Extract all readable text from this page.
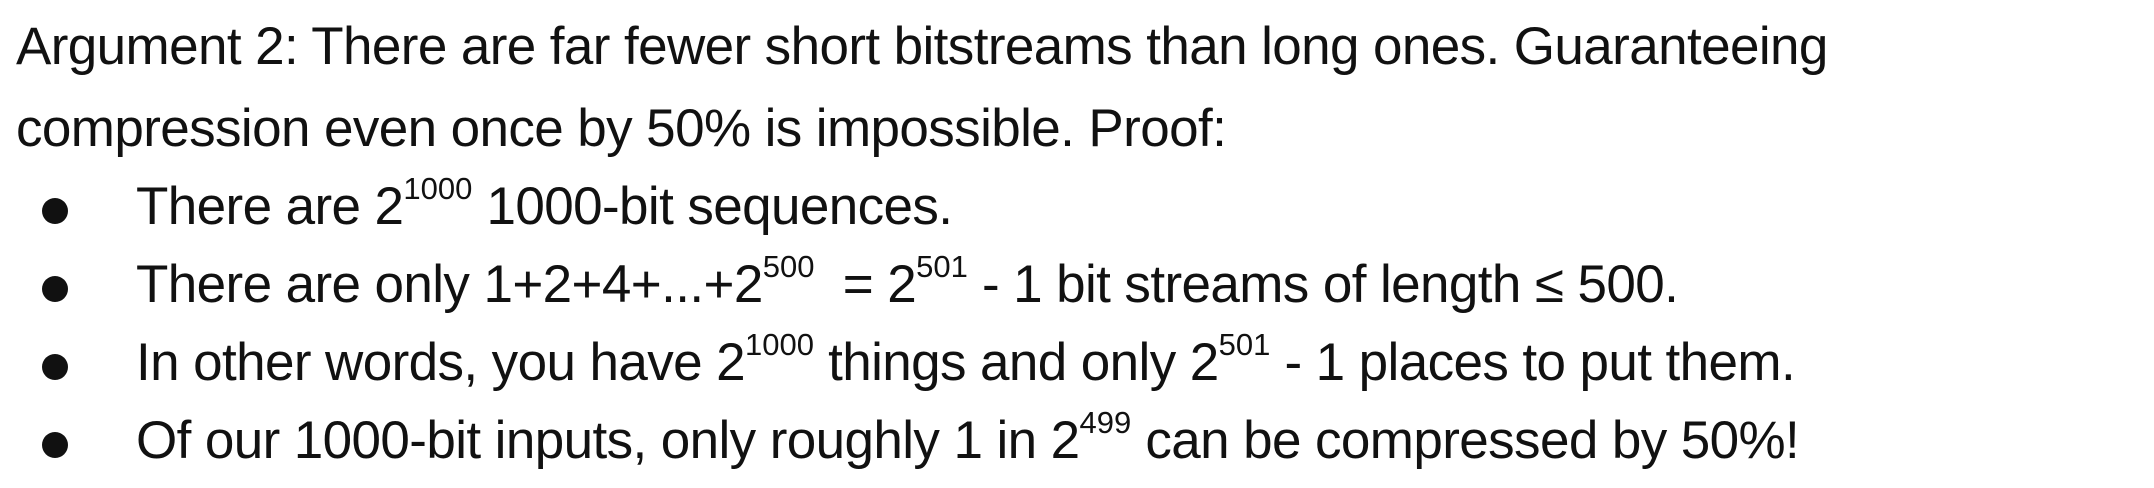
Argument 2: There are far fewer short bitstreams than long ones. Guaranteeing
compression even once by 50% is impossible. Proof:

There are $2^{1000}$ 1000-bit sequences.
There are only $1+2+4+...+2^{500} = 2^{501} - 1$ bit streams of length ≤ 500.
In other words, you have $2^{1000}$ things and only $2^{501} - 1$ places to put them.
Of our 1000-bit inputs, only roughly 1 in $2^{499}$ can be compressed by 50%!
